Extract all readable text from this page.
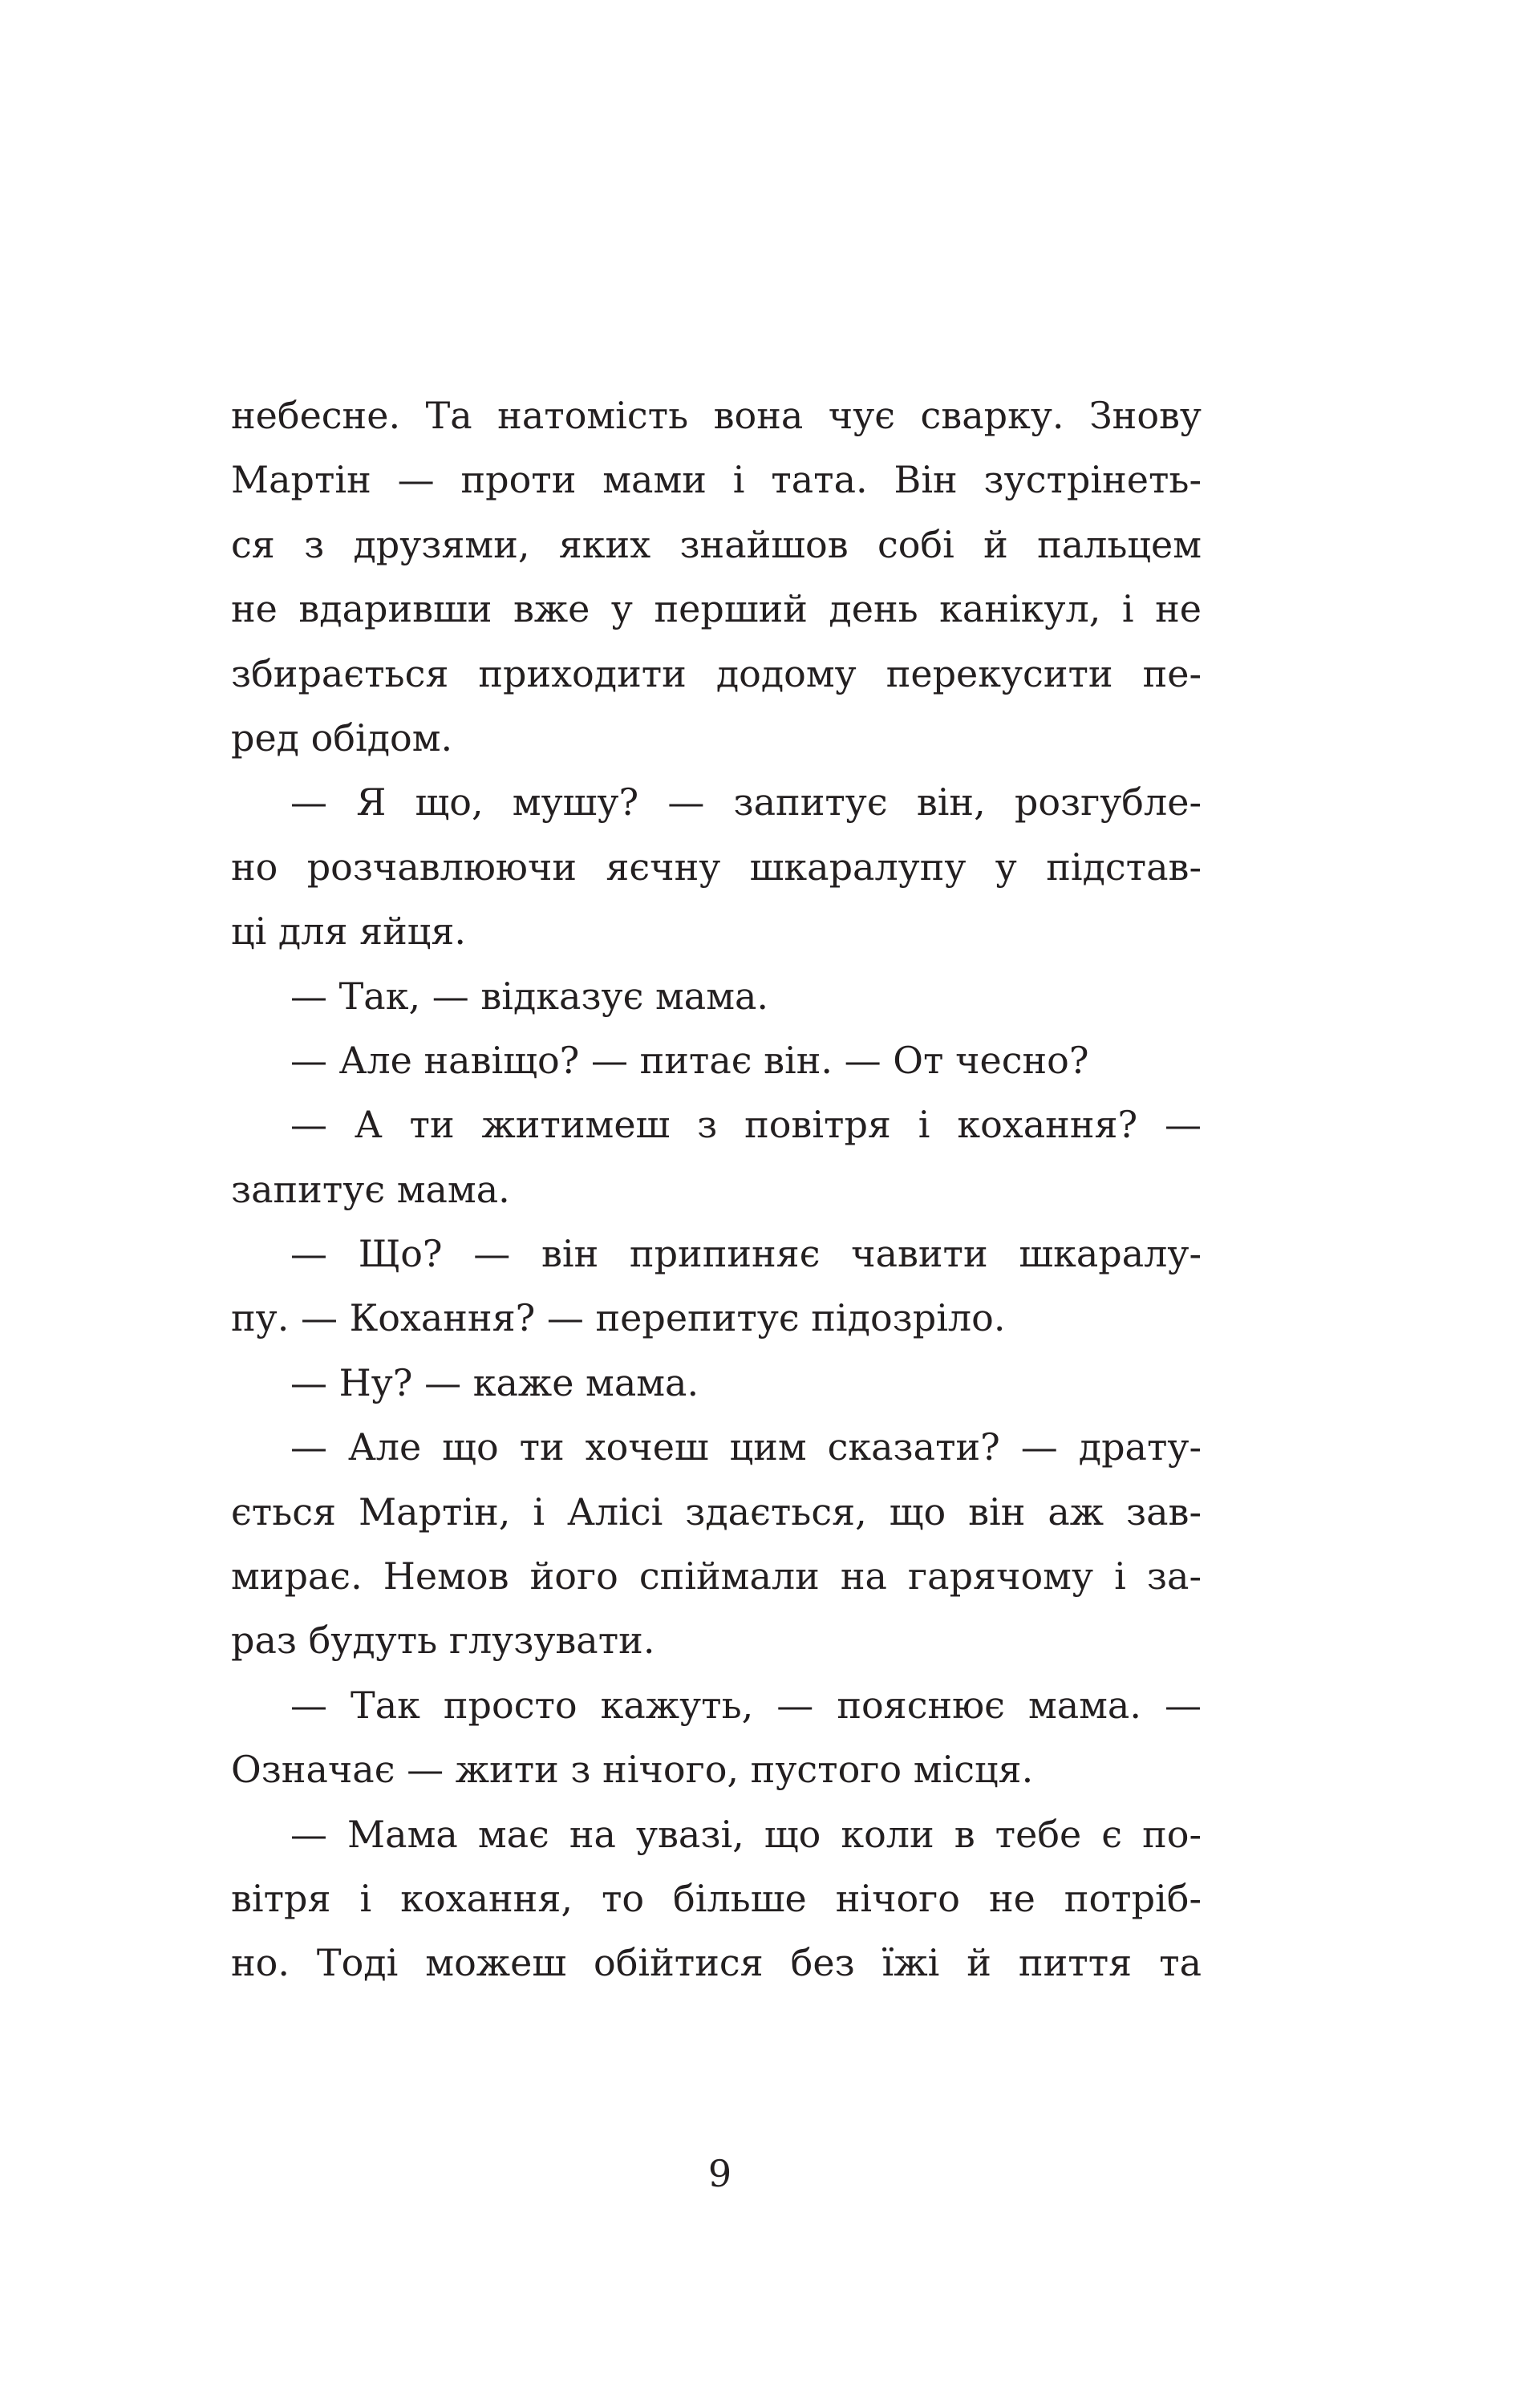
небесне. Та натомість вона чує сварку. Знову
Мартін — проти мами і тата. Він зустрінеть-
ся з друзями, яких знайшов собі й пальцем
не вдаривши вже у перший день канікул, і не
збирається приходити додому перекусити пе-
ред обідом.
— Я що, мушу? — запитує він, розгубле-
но розчавлюючи яєчну шкаралупу у підстав-
ці для яйця.
— Так, — відказує мама.
— Але навіщо? — питає він. — От чесно?
— А ти житимеш з повітря і кохання? —
запитує мама.
— Що? — він припиняє чавити шкаралу-
пу. — Кохання? — перепитує підозріло.
— Ну? — каже мама.
— Але що ти хочеш цим сказати? — драту-
ється Мартін, і Алісі здається, що він аж зав-
мирає. Немов його спіймали на гарячому і за-
раз будуть глузувати.
— Так просто кажуть, — пояснює мама. —
Означає — жити з нічого, пустого місця.
— Мама має на увазі, що коли в тебе є по-
вітря і кохання, то більше нічого не потріб-
но. Тоді можеш обійтися без їжі й пиття та
9
